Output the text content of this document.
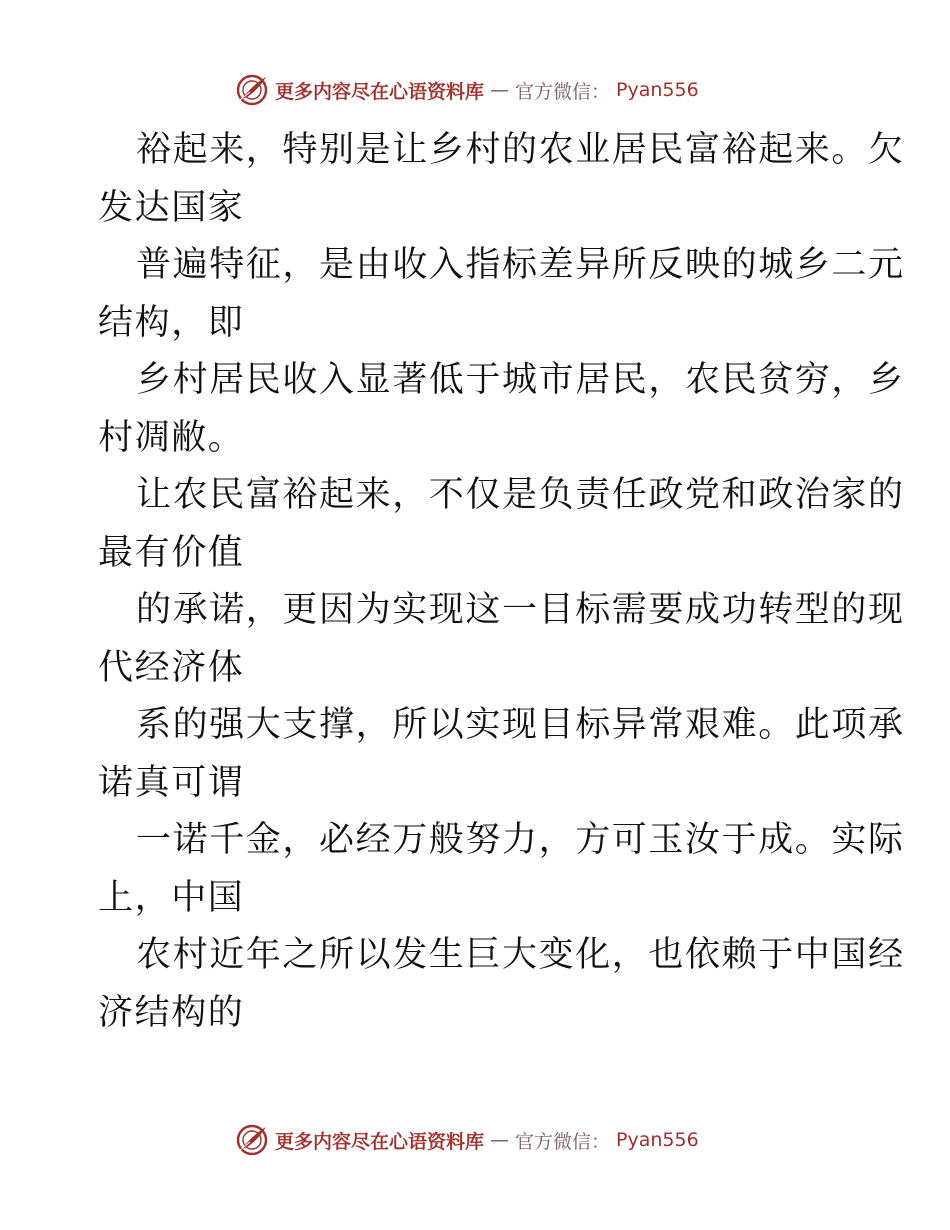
更多内容尽在心语资料库 — 官方微信： Pyan556
裕起来，特别是让乡村的农业居民富裕起来。欠
发达国家
普遍特征，是由收入指标差异所反映的城乡二元
结构，即
乡村居民收入显著低于城市居民，农民贫穷，乡
村凋敝。
让农民富裕起来，不仅是负责任政党和政治家的
最有价值
的承诺，更因为实现这一目标需要成功转型的现
代经济体
系的强大支撑，所以实现目标异常艰难。此项承
诺真可谓
一诺千金，必经万般努力，方可玉汝于成。实际
上，中国
农村近年之所以发生巨大变化，也依赖于中国经
济结构的
更多内容尽在心语资料库 — 官方微信： Pyan556
